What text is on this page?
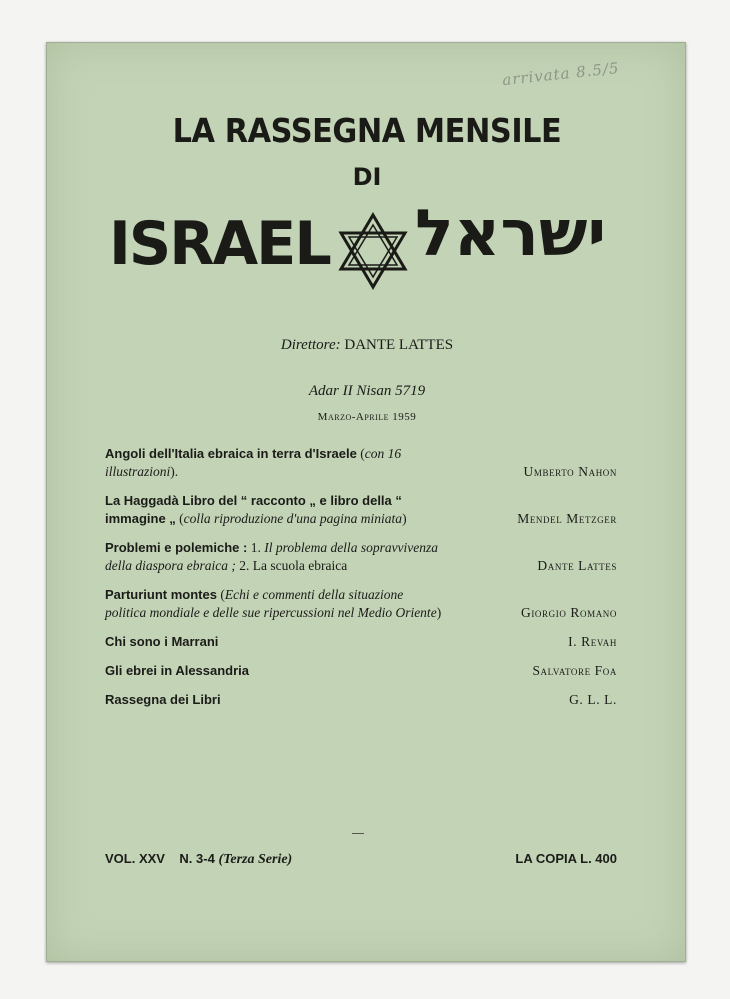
arrivata 8.5/5
LA RASSEGNA MENSILE
DI
ISRAEL ישראל
Direttore: DANTE LATTES
Adar II Nisan 5719
Marzo-Aprile 1959
Angoli dell'Italia ebraica in terra d'Israele (con 16 illustrazioni).	Umberto Nahon
La Haggadà Libro del “ racconto „ e libro della “ immagine „ (colla riproduzione d'una pagina miniata)	Mendel Metzger
Problemi e polemiche : 1. Il problema della sopravvivenza della diaspora ebraica ; 2. La scuola ebraica	Dante Lattes
Parturiunt montes (Echi e commenti della situazione politica mondiale e delle sue ripercussioni nel Medio Oriente)	Giorgio Romano
Chi sono i Marrani	I. Revah
Gli ebrei in Alessandria	Salvatore Foa
Rassegna dei Libri	G. L. L.
VOL. XXV N. 3-4 (Terza Serie)	LA COPIA L. 400
